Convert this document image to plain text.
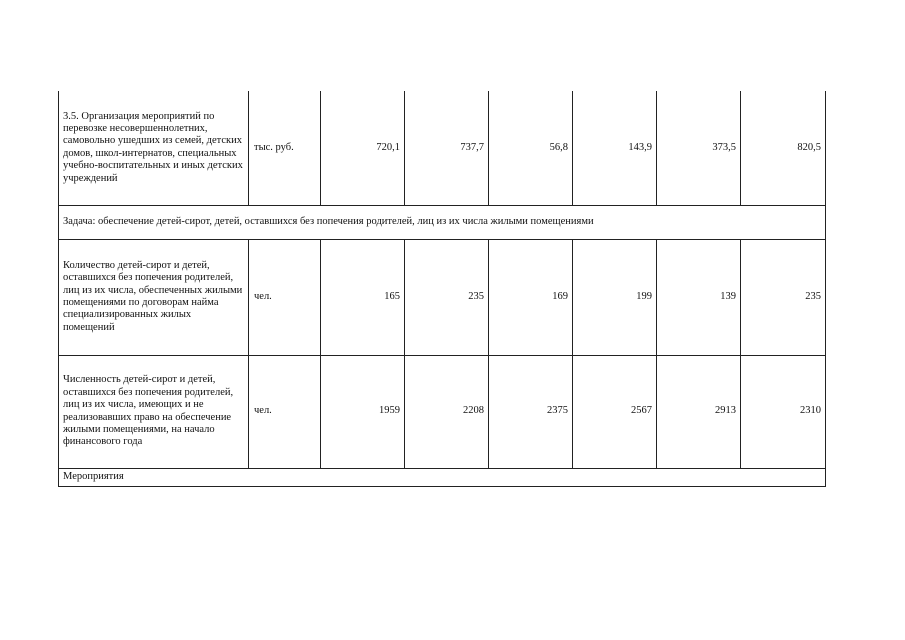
3.5. Организация мероприятий по перевозке несовершеннолетних, самовольно ушедших из семей, детских домов, школ-интернатов, специальных учебно-воспитательных и иных детских учреждений	тыс. руб.	720,1	737,7	56,8	143,9	373,5	820,5
Задача: обеспечение детей-сирот, детей, оставшихся без попечения родителей, лиц из их числа жилыми помещениями							
Количество детей-сирот и детей, оставшихся без попечения родителей, лиц из их числа, обеспеченных жилыми помещениями по договорам найма специализированных жилых помещений	чел.	165	235	169	199	139	235
Численность детей-сирот и детей, оставшихся без попечения родителей, лиц из их числа, имеющих и не реализовавших право на обеспечение жилыми помещениями, на начало финансового года	чел.	1959	2208	2375	2567	2913	2310
Мероприятия							
